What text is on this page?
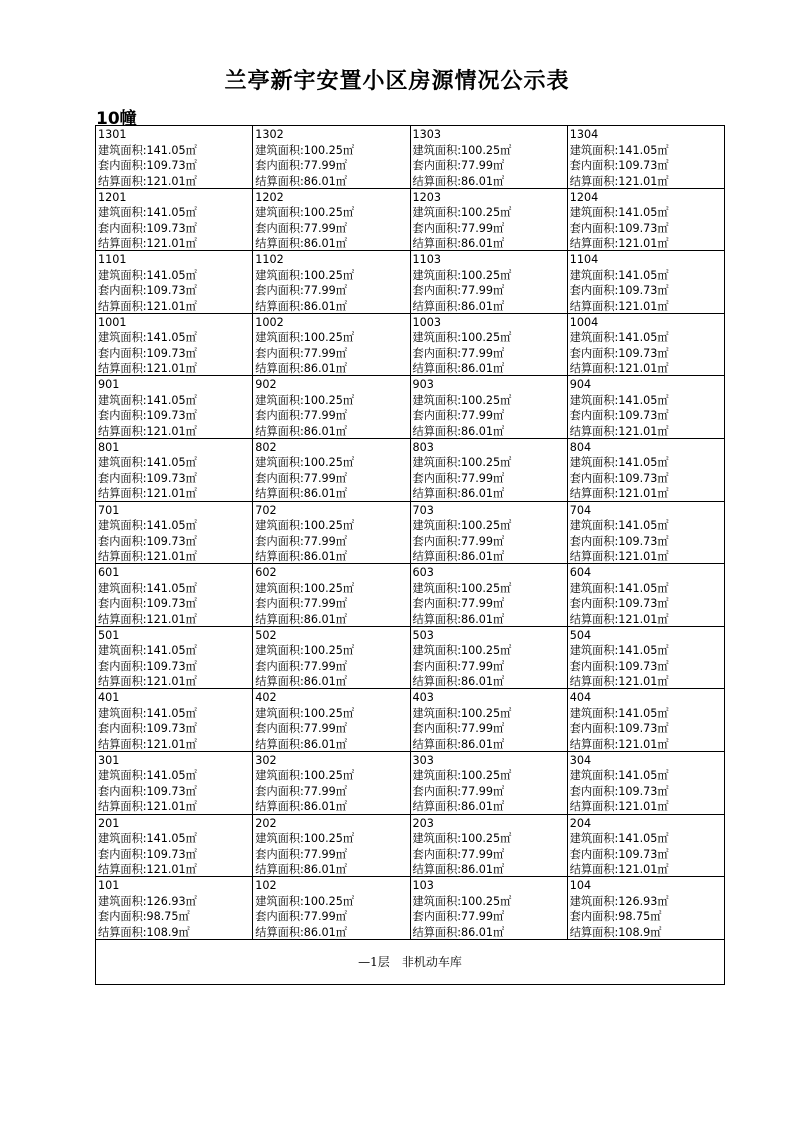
兰亭新宇安置小区房源情况公示表
10幢
1301
建筑面积:141.05㎡
套内面积:109.73㎡
结算面积:121.01㎡
1302
建筑面积:100.25㎡
套内面积:77.99㎡
结算面积:86.01㎡
1303
建筑面积:100.25㎡
套内面积:77.99㎡
结算面积:86.01㎡
1304
建筑面积:141.05㎡
套内面积:109.73㎡
结算面积:121.01㎡
1201
建筑面积:141.05㎡
套内面积:109.73㎡
结算面积:121.01㎡
1202
建筑面积:100.25㎡
套内面积:77.99㎡
结算面积:86.01㎡
1203
建筑面积:100.25㎡
套内面积:77.99㎡
结算面积:86.01㎡
1204
建筑面积:141.05㎡
套内面积:109.73㎡
结算面积:121.01㎡
1101
建筑面积:141.05㎡
套内面积:109.73㎡
结算面积:121.01㎡
1102
建筑面积:100.25㎡
套内面积:77.99㎡
结算面积:86.01㎡
1103
建筑面积:100.25㎡
套内面积:77.99㎡
结算面积:86.01㎡
1104
建筑面积:141.05㎡
套内面积:109.73㎡
结算面积:121.01㎡
1001
建筑面积:141.05㎡
套内面积:109.73㎡
结算面积:121.01㎡
1002
建筑面积:100.25㎡
套内面积:77.99㎡
结算面积:86.01㎡
1003
建筑面积:100.25㎡
套内面积:77.99㎡
结算面积:86.01㎡
1004
建筑面积:141.05㎡
套内面积:109.73㎡
结算面积:121.01㎡
901
建筑面积:141.05㎡
套内面积:109.73㎡
结算面积:121.01㎡
902
建筑面积:100.25㎡
套内面积:77.99㎡
结算面积:86.01㎡
903
建筑面积:100.25㎡
套内面积:77.99㎡
结算面积:86.01㎡
904
建筑面积:141.05㎡
套内面积:109.73㎡
结算面积:121.01㎡
801
建筑面积:141.05㎡
套内面积:109.73㎡
结算面积:121.01㎡
802
建筑面积:100.25㎡
套内面积:77.99㎡
结算面积:86.01㎡
803
建筑面积:100.25㎡
套内面积:77.99㎡
结算面积:86.01㎡
804
建筑面积:141.05㎡
套内面积:109.73㎡
结算面积:121.01㎡
701
建筑面积:141.05㎡
套内面积:109.73㎡
结算面积:121.01㎡
702
建筑面积:100.25㎡
套内面积:77.99㎡
结算面积:86.01㎡
703
建筑面积:100.25㎡
套内面积:77.99㎡
结算面积:86.01㎡
704
建筑面积:141.05㎡
套内面积:109.73㎡
结算面积:121.01㎡
601
建筑面积:141.05㎡
套内面积:109.73㎡
结算面积:121.01㎡
602
建筑面积:100.25㎡
套内面积:77.99㎡
结算面积:86.01㎡
603
建筑面积:100.25㎡
套内面积:77.99㎡
结算面积:86.01㎡
604
建筑面积:141.05㎡
套内面积:109.73㎡
结算面积:121.01㎡
501
建筑面积:141.05㎡
套内面积:109.73㎡
结算面积:121.01㎡
502
建筑面积:100.25㎡
套内面积:77.99㎡
结算面积:86.01㎡
503
建筑面积:100.25㎡
套内面积:77.99㎡
结算面积:86.01㎡
504
建筑面积:141.05㎡
套内面积:109.73㎡
结算面积:121.01㎡
401
建筑面积:141.05㎡
套内面积:109.73㎡
结算面积:121.01㎡
402
建筑面积:100.25㎡
套内面积:77.99㎡
结算面积:86.01㎡
403
建筑面积:100.25㎡
套内面积:77.99㎡
结算面积:86.01㎡
404
建筑面积:141.05㎡
套内面积:109.73㎡
结算面积:121.01㎡
301
建筑面积:141.05㎡
套内面积:109.73㎡
结算面积:121.01㎡
302
建筑面积:100.25㎡
套内面积:77.99㎡
结算面积:86.01㎡
303
建筑面积:100.25㎡
套内面积:77.99㎡
结算面积:86.01㎡
304
建筑面积:141.05㎡
套内面积:109.73㎡
结算面积:121.01㎡
201
建筑面积:141.05㎡
套内面积:109.73㎡
结算面积:121.01㎡
202
建筑面积:100.25㎡
套内面积:77.99㎡
结算面积:86.01㎡
203
建筑面积:100.25㎡
套内面积:77.99㎡
结算面积:86.01㎡
204
建筑面积:141.05㎡
套内面积:109.73㎡
结算面积:121.01㎡
101
建筑面积:126.93㎡
套内面积:98.75㎡
结算面积:108.9㎡
102
建筑面积:100.25㎡
套内面积:77.99㎡
结算面积:86.01㎡
103
建筑面积:100.25㎡
套内面积:77.99㎡
结算面积:86.01㎡
104
建筑面积:126.93㎡
套内面积:98.75㎡
结算面积:108.9㎡
—1层 非机动车库
